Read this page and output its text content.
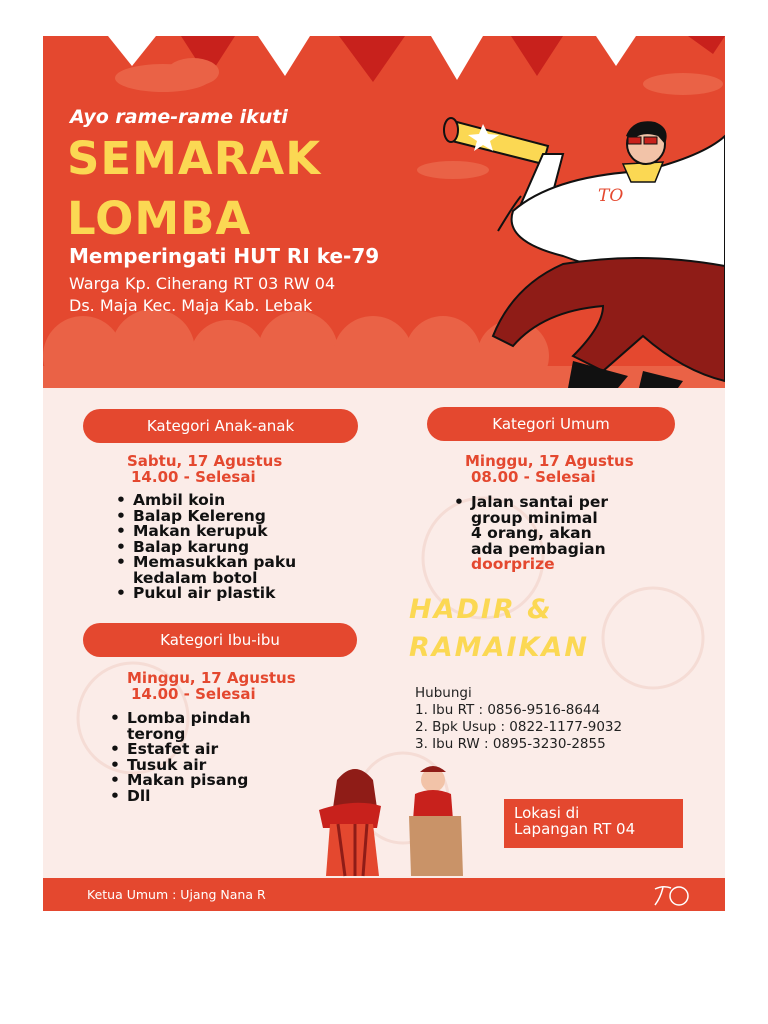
TO
Ayo rame-rame ikuti
SEMARAK
LOMBA
Memperingati HUT RI ke-79
Warga Kp. Ciherang RT 03 RW 04
Ds. Maja Kec. Maja Kab. Lebak
Kategori Anak-anak
Sabtu, 17 Agustus
14.00 - Selesai
• Ambil koin
• Balap Kelereng
• Makan kerupuk
• Balap karung
• Memasukkan paku
kedalam botol
• Pukul air plastik
Kategori Umum
Minggu, 17 Agustus
08.00 - Selesai
• Jalan santai per
group minimal
4 orang, akan
ada pembagian
doorprize
HADIR &
RAMAIKAN
Kategori Ibu-ibu
Minggu, 17 Agustus
14.00 - Selesai
• Lomba pindah
terong
• Estafet air
• Tusuk air
• Makan pisang
• Dll
Hubungi
1. Ibu RT : 0856-9516-8644
2. Bpk Usup : 0822-1177-9032
3. Ibu RW : 0895-3230-2855
Lokasi di
Lapangan RT 04
Ketua Umum : Ujang Nana R
